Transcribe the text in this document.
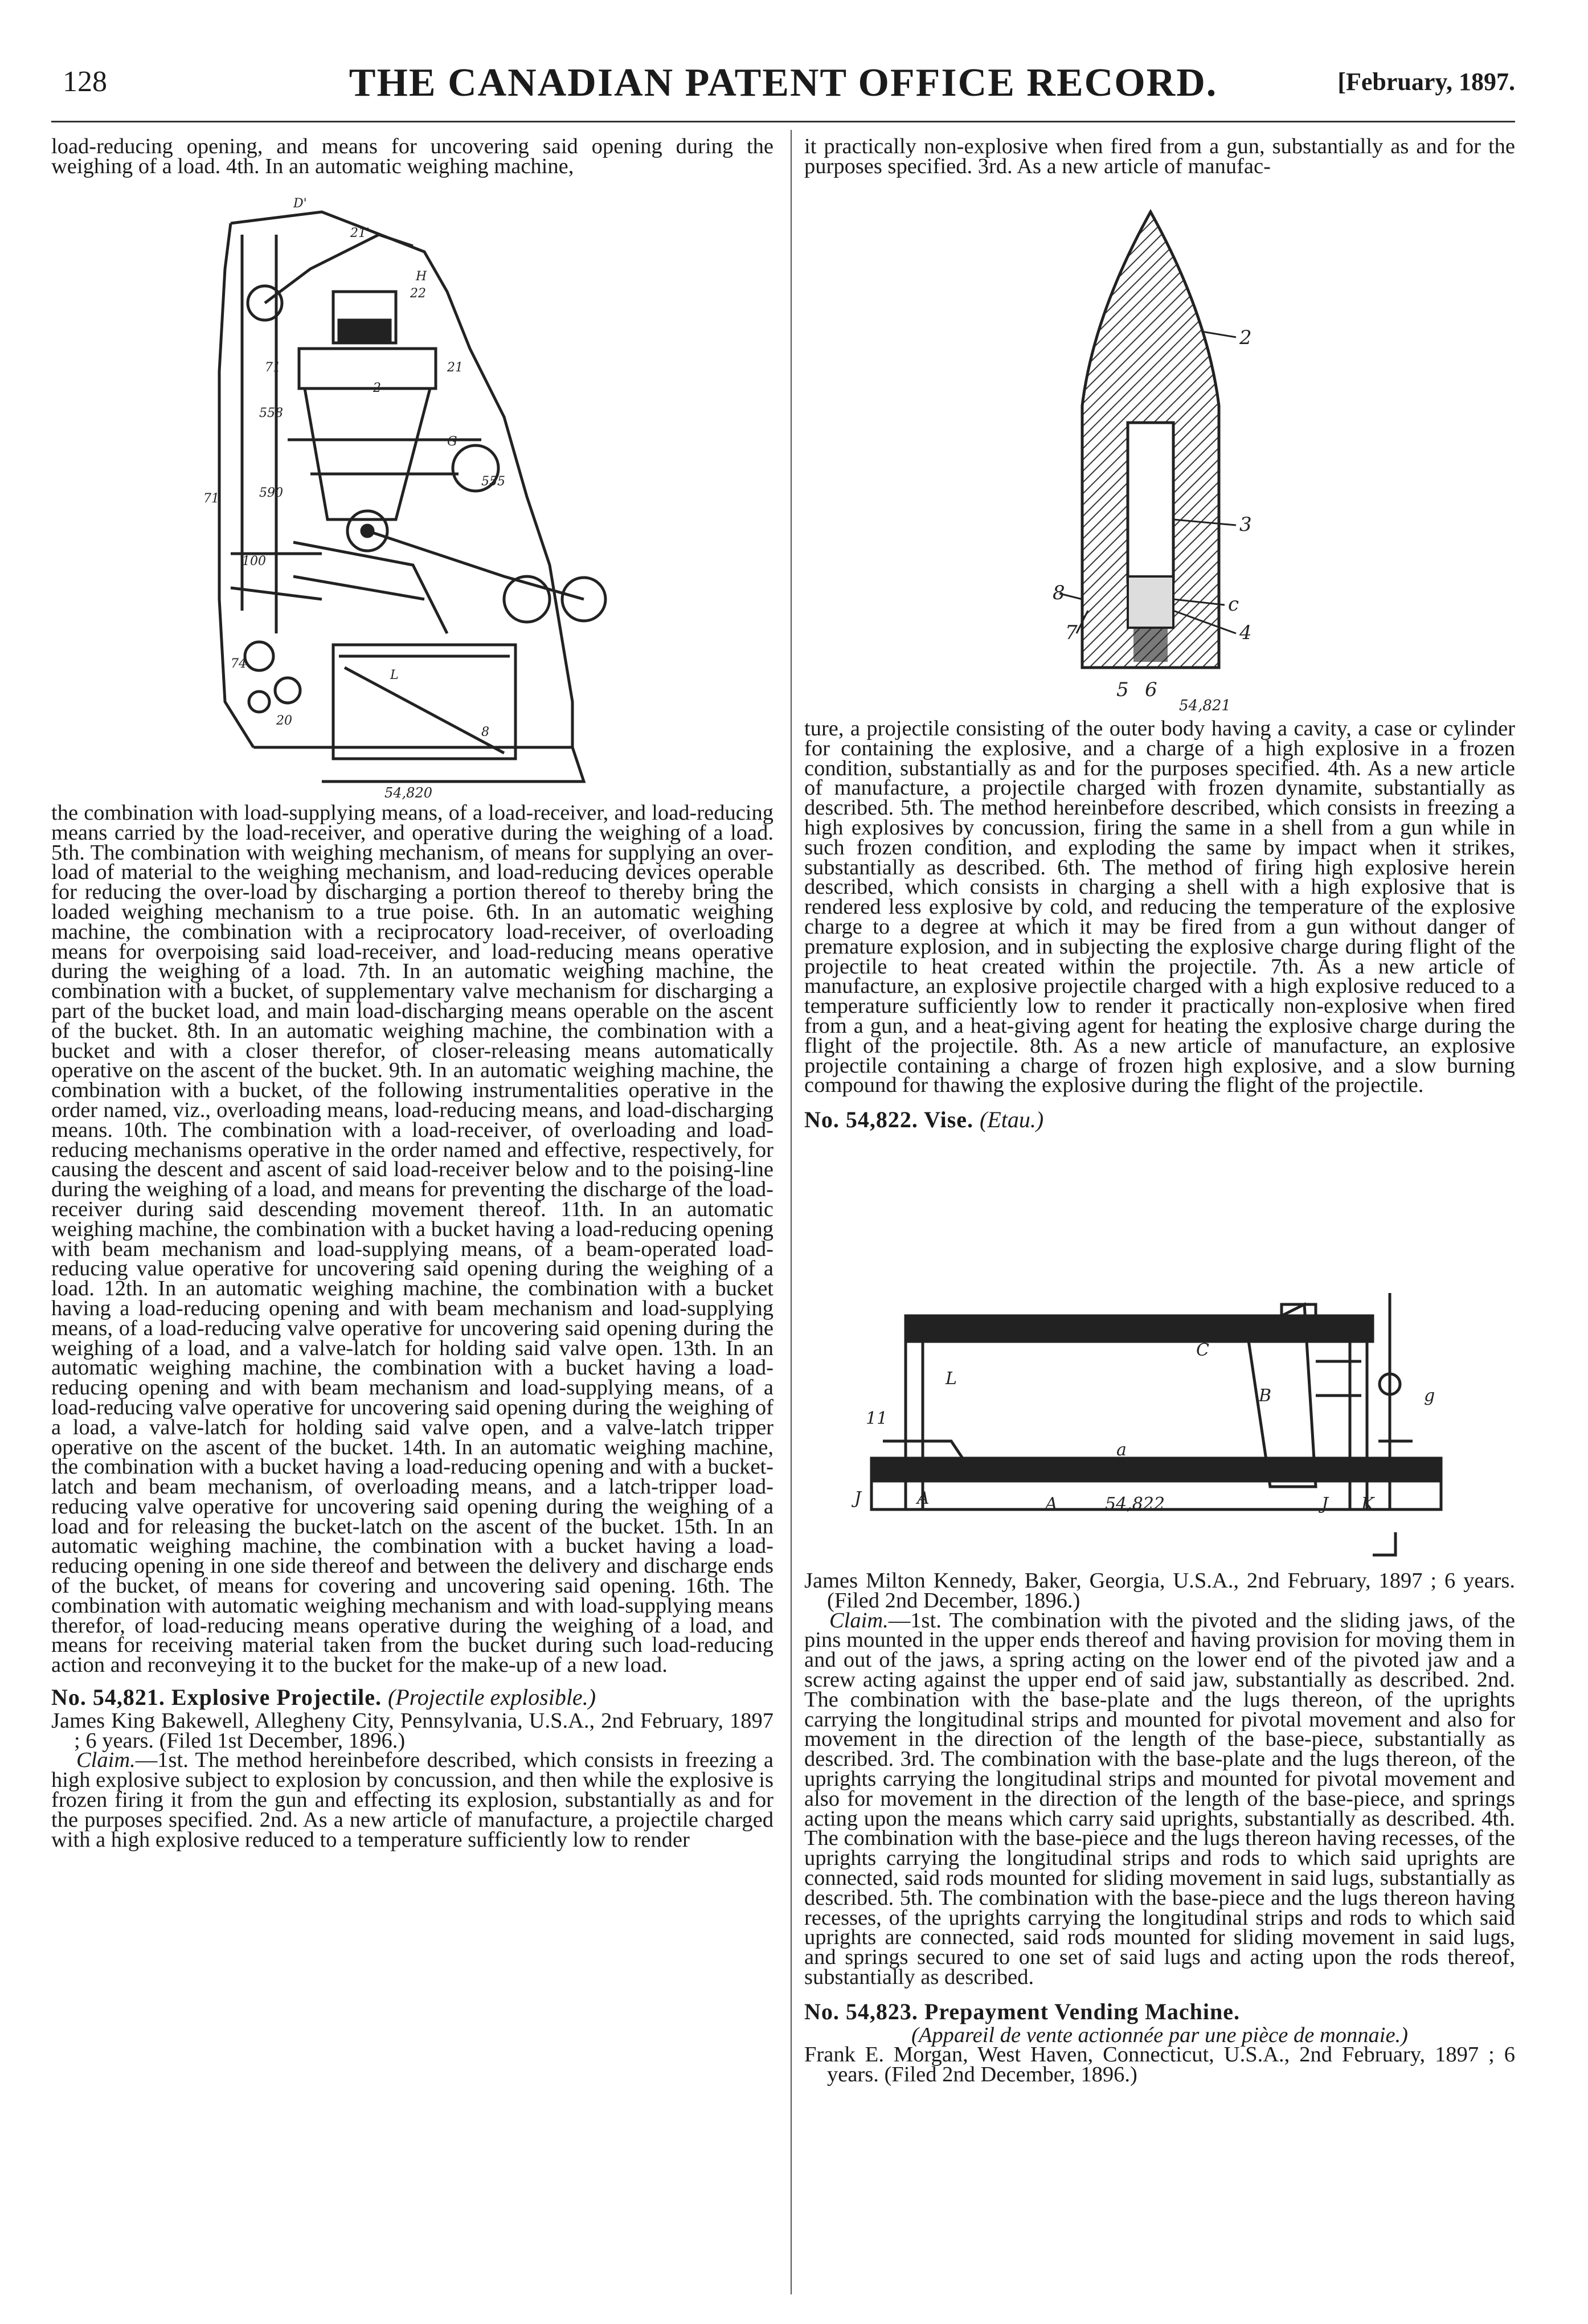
128	THE CANADIAN PATENT OFFICE RECORD.	[February, 1897.

load-reducing opening, and means for uncovering said opening during the weighing of a load. 4th. In an automatic weighing machine,

D'
21'
H
22
21
2
G
555
71
558
590
100
L
8
20
74
71
54,820

the combination with load-supplying means, of a load-receiver, and load-reducing means carried by the load-receiver, and operative during the weighing of a load. 5th. The combination with weighing mechanism, of means for supplying an over-load of material to the weighing mechanism, and load-reducing devices operable for reducing the over-load by discharging a portion thereof to thereby bring the loaded weighing mechanism to a true poise. 6th. In an automatic weighing machine, the combination with a reciprocatory load-receiver, of overloading means for overpoising said load-receiver, and load-reducing means operative during the weighing of a load. 7th. In an automatic weighing machine, the combination with a bucket, of supplementary valve mechanism for discharging a part of the bucket load, and main load-discharging means operable on the ascent of the bucket. 8th. In an automatic weighing machine, the combination with a bucket and with a closer therefor, of closer-releasing means automatically operative on the ascent of the bucket. 9th. In an automatic weighing machine, the combination with a bucket, of the following instrumentalities operative in the order named, viz., overloading means, load-reducing means, and load-discharging means. 10th. The combination with a load-receiver, of overloading and load-reducing mechanisms operative in the order named and effective, respectively, for causing the descent and ascent of said load-receiver below and to the poising-line during the weighing of a load, and means for preventing the discharge of the load-receiver during said descending movement thereof. 11th. In an automatic weighing machine, the combination with a bucket having a load-reducing opening with beam mechanism and load-supplying means, of a beam-operated load-reducing value operative for uncovering said opening during the weighing of a load. 12th. In an automatic weighing machine, the combination with a bucket having a load-reducing opening and with beam mechanism and load-supplying means, of a load-reducing valve operative for uncovering said opening during the weighing of a load, and a valve-latch for holding said valve open. 13th. In an automatic weighing machine, the combination with a bucket having a load-reducing opening and with beam mechanism and load-supplying means, of a load-reducing valve operative for uncovering said opening during the weighing of a load, a valve-latch for holding said valve open, and a valve-latch tripper operative on the ascent of the bucket. 14th. In an automatic weighing machine, the combination with a bucket having a load-reducing opening and with a bucket-latch and beam mechanism, of overloading means, and a latch-tripper load-reducing valve operative for uncovering said opening during the weighing of a load and for releasing the bucket-latch on the ascent of the bucket. 15th. In an automatic weighing machine, the combination with a bucket having a load-reducing opening in one side thereof and between the delivery and discharge ends of the bucket, of means for covering and uncovering said opening. 16th. The combination with automatic weighing mechanism and with load-supplying means therefor, of load-reducing means operative during the weighing of a load, and means for receiving material taken from the bucket during such load-reducing action and reconveying it to the bucket for the make-up of a new load.

No. 54,821. Explosive Projectile. (Projectile explosible.)

James King Bakewell, Allegheny City, Pennsylvania, U.S.A., 2nd February, 1897 ; 6 years. (Filed 1st December, 1896.)

Claim.—1st. The method hereinbefore described, which consists in freezing a high explosive subject to explosion by concussion, and then while the explosive is frozen firing it from the gun and effecting its explosion, substantially as and for the purposes specified. 2nd. As a new article of manufacture, a projectile charged with a high explosive reduced to a temperature sufficiently low to render

it practically non-explosive when fired from a gun, substantially as and for the purposes specified. 3rd. As a new article of manufac-

2
3
8
7
c
4
5 6
54,821

ture, a projectile consisting of the outer body having a cavity, a case or cylinder for containing the explosive, and a charge of a high explosive in a frozen condition, substantially as and for the purposes specified. 4th. As a new article of manufacture, a projectile charged with frozen dynamite, substantially as described. 5th. The method hereinbefore described, which consists in freezing a high explosives by concussion, firing the same in a shell from a gun while in such frozen condition, and exploding the same by impact when it strikes, substantially as described. 6th. The method of firing high explosive herein described, which consists in charging a shell with a high explosive that is rendered less explosive by cold, and reducing the temperature of the explosive charge to a degree at which it may be fired from a gun without danger of premature explosion, and in subjecting the explosive charge during flight of the projectile to heat created within the projectile. 7th. As a new article of manufacture, an explosive projectile charged with a high explosive reduced to a temperature sufficiently low to render it practically non-explosive when fired from a gun, and a heat-giving agent for heating the explosive charge during the flight of the projectile. 8th. As a new article of manufacture, an explosive projectile containing a charge of frozen high explosive, and a slow burning compound for thawing the explosive during the flight of the projectile.

No. 54,822. Vise. (Etau.)

L
C
B
B
g
a
11
J	A	J K
A	54,822

James Milton Kennedy, Baker, Georgia, U.S.A., 2nd February, 1897 ; 6 years. (Filed 2nd December, 1896.)

Claim.—1st. The combination with the pivoted and the sliding jaws, of the pins mounted in the upper ends thereof and having provision for moving them in and out of the jaws, a spring acting on the lower end of the pivoted jaw and a screw acting against the upper end of said jaw, substantially as described. 2nd. The combination with the base-plate and the lugs thereon, of the uprights carrying the longitudinal strips and mounted for pivotal movement and also for movement in the direction of the length of the base-piece, substantially as described. 3rd. The combination with the base-plate and the lugs thereon, of the uprights carrying the longitudinal strips and mounted for pivotal movement and also for movement in the direction of the length of the base-piece, and springs acting upon the means which carry said uprights, substantially as described. 4th. The combination with the base-piece and the lugs thereon having recesses, of the uprights carrying the longitudinal strips and rods to which said uprights are connected, said rods mounted for sliding movement in said lugs, substantially as described. 5th. The combination with the base-piece and the lugs thereon having recesses, of the uprights carrying the longitudinal strips and rods to which said uprights are connected, said rods mounted for sliding movement in said lugs, and springs secured to one set of said lugs and acting upon the rods thereof, substantially as described.

No. 54,823. Prepayment Vending Machine.

(Appareil de vente actionnée par une pièce de monnaie.)

Frank E. Morgan, West Haven, Connecticut, U.S.A., 2nd February, 1897 ; 6 years. (Filed 2nd December, 1896.)
